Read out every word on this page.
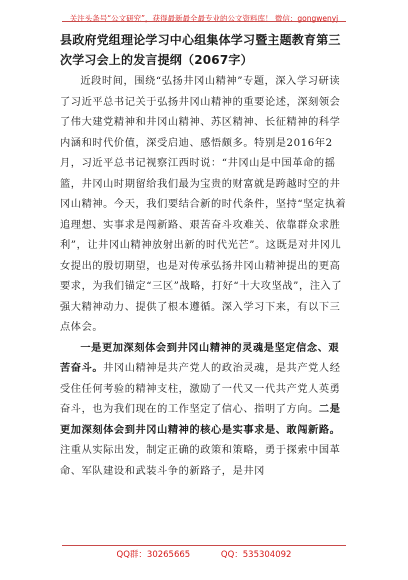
关注头条号“公文研究”，获得最新最全最专业的公文资料库！ 微信：gongwenyj
县政府党组理论学习中心组集体学习暨主题教育第三次学习会上的发言提纲（2067字）

近段时间，围绕“弘扬井冈山精神”专题，深入学习研读了习近平总书记关于弘扬井冈山精神的重要论述，深刻领会了伟大建党精神和井冈山精神、苏区精神、长征精神的科学内涵和时代价值，深受启迪、感悟颇多。特别是2016年2月，习近平总书记视察江西时说：“井冈山是中国革命的摇篮，井冈山时期留给我们最为宝贵的财富就是跨越时空的井冈山精神。今天，我们要结合新的时代条件，坚持“坚定执着追理想、实事求是闯新路、艰苦奋斗攻难关、依靠群众求胜利”，让井冈山精神放射出新的时代光芒”。这既是对井冈儿女提出的殷切期望，也是对传承弘扬井冈山精神提出的更高要求，为我们锚定“三区”战略，打好“十大攻坚战”，注入了强大精神动力、提供了根本遵循。深入学习下来，有以下三点体会。

一是更加深刻体会到井冈山精神的灵魂是坚定信念、艰苦奋斗。井冈山精神是共产党人的政治灵魂，是共产党人经受住任何考验的精神支柱，激励了一代又一代共产党人英勇奋斗，也为我们现在的工作坚定了信心、指明了方向。二是更加深刻体会到井冈山精神的核心是实事求是、敢闯新路。注重从实际出发，制定正确的政策和策略，勇于探索中国革命、军队建设和武装斗争的新路子，是井冈

QQ群：30265665	QQ：535304092
